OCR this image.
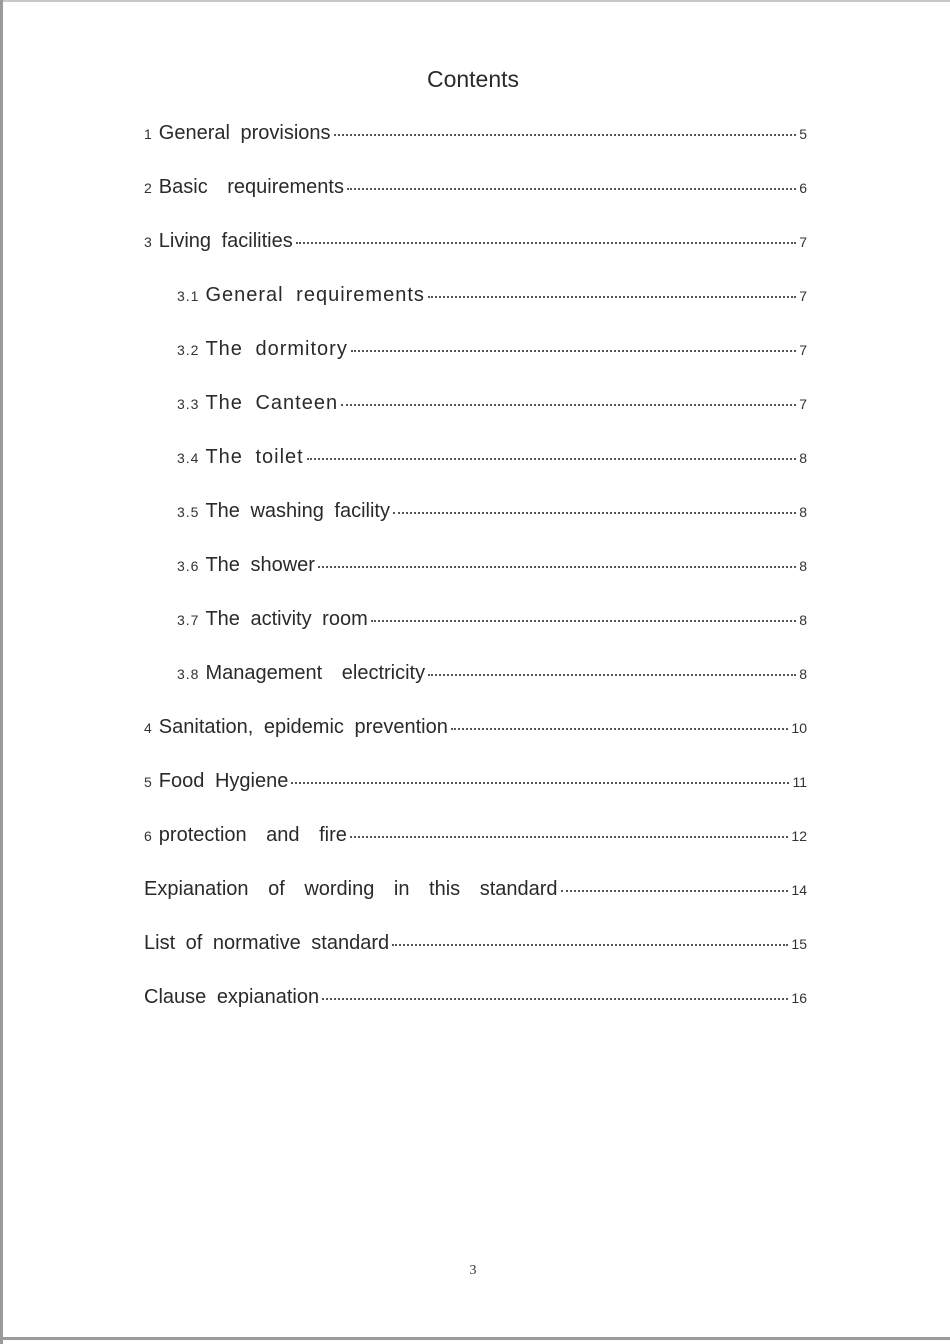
Contents
1 General provisions	5
2 Basic requirements	6
3 Living facilities	7
3.1 General requirements	7
3.2 The dormitory	7
3.3 The Canteen	7
3.4 The toilet	8
3.5 The washing facility	8
3.6 The shower	8
3.7 The activity room	8
3.8 Management electricity	8
4 Sanitation, epidemic prevention	10
5 Food Hygiene	11
6 protection and fire	12
Expianation of wording in this standard	14
List of normative standard	15
Clause expianation	16
3
